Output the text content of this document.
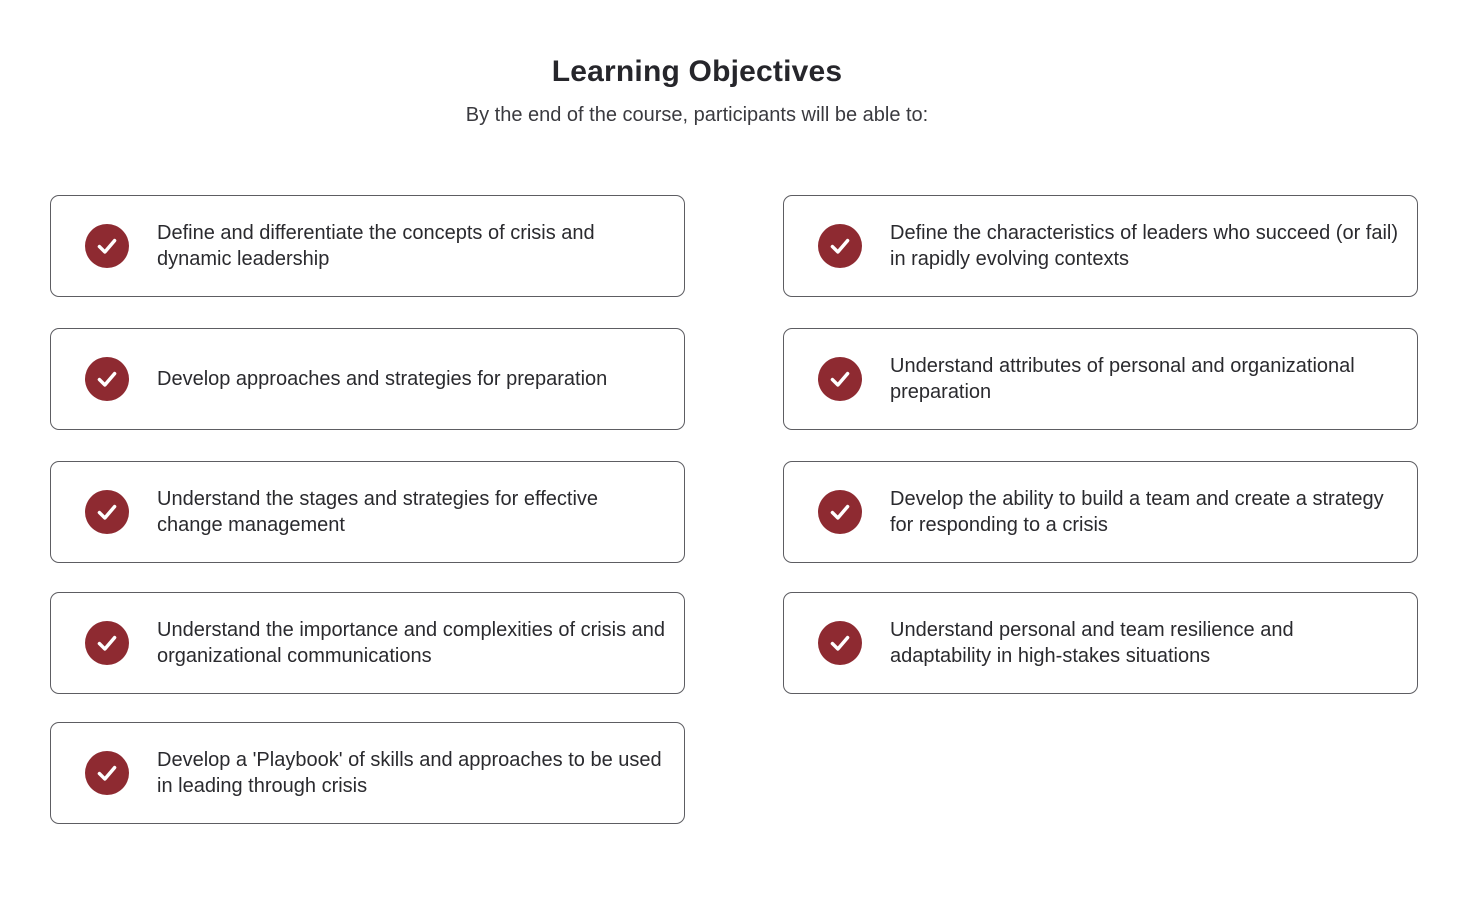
Learning Objectives

By the end of the course, participants will be able to:

Define and differentiate the concepts of crisis and dynamic leadership
Define the characteristics of leaders who succeed (or fail) in rapidly evolving contexts
Develop approaches and strategies for preparation
Understand attributes of personal and organizational preparation
Understand the stages and strategies for effective change management
Develop the ability to build a team and create a strategy for responding to a crisis
Understand the importance and complexities of crisis and organizational communications
Understand personal and team resilience and adaptability in high-stakes situations
Develop a 'Playbook' of skills and approaches to be used in leading through crisis
